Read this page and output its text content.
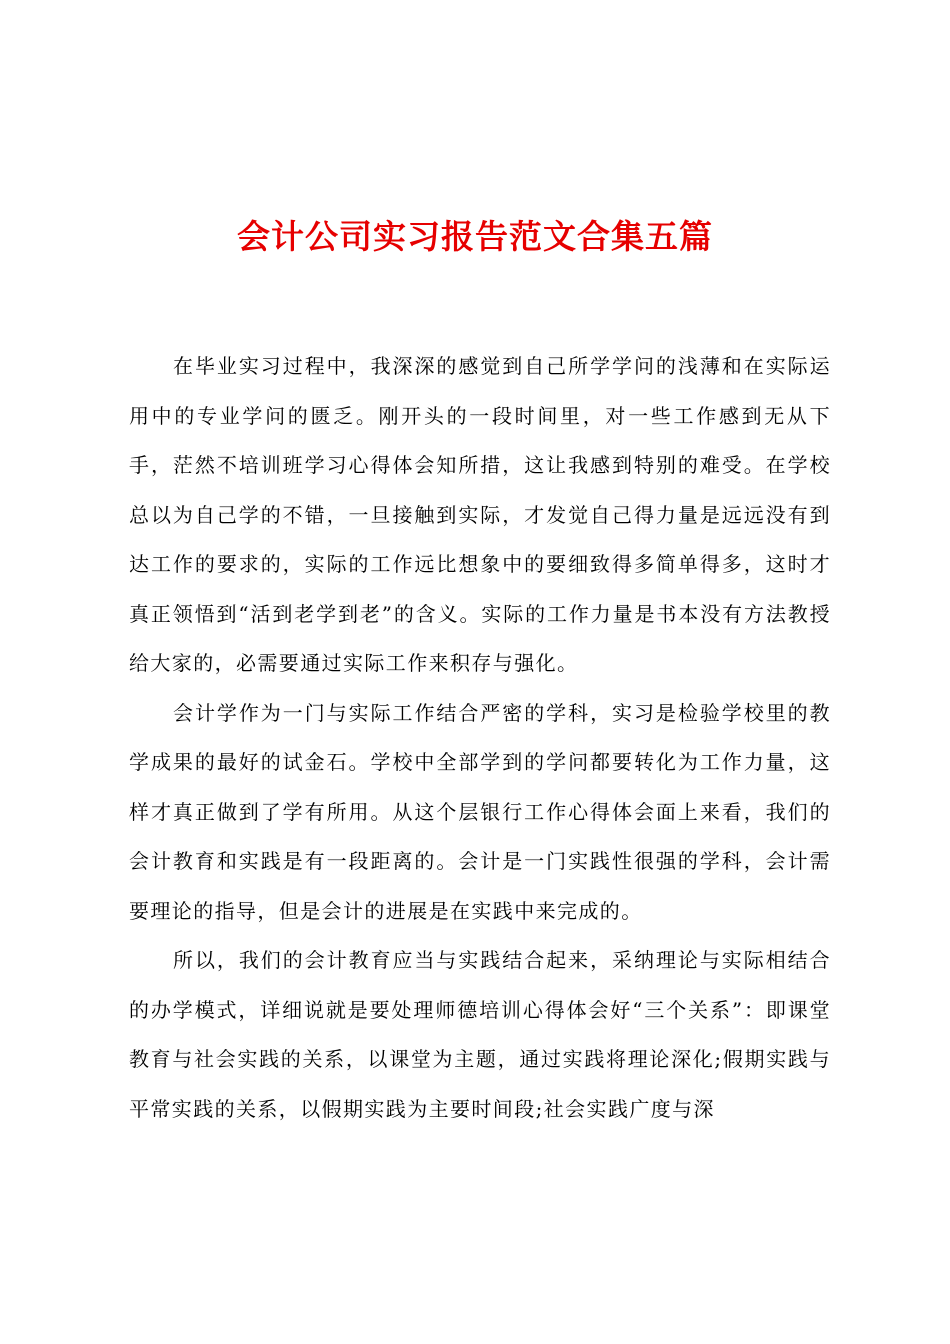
会计公司实习报告范文合集五篇

在毕业实习过程中，我深深的感觉到自己所学学问的浅薄和在实际运用中的专业学问的匮乏。刚开头的一段时间里，对一些工作感到无从下手，茫然不培训班学习心得体会知所措，这让我感到特别的难受。在学校总以为自己学的不错，一旦接触到实际，才发觉自己得力量是远远没有到达工作的要求的，实际的工作远比想象中的要细致得多简单得多，这时才真正领悟到“活到老学到老”的含义。实际的工作力量是书本没有方法教授给大家的，必需要通过实际工作来积存与强化。

会计学作为一门与实际工作结合严密的学科，实习是检验学校里的教学成果的最好的试金石。学校中全部学到的学问都要转化为工作力量，这样才真正做到了学有所用。从这个层银行工作心得体会面上来看，我们的会计教育和实践是有一段距离的。会计是一门实践性很强的学科，会计需要理论的指导，但是会计的进展是在实践中来完成的。

所以，我们的会计教育应当与实践结合起来，采纳理论与实际相结合的办学模式，详细说就是要处理师德培训心得体会好“三个关系”：即课堂教育与社会实践的关系，以课堂为主题，通过实践将理论深化;假期实践与平常实践的关系，以假期实践为主要时间段;社会实践广度与深
